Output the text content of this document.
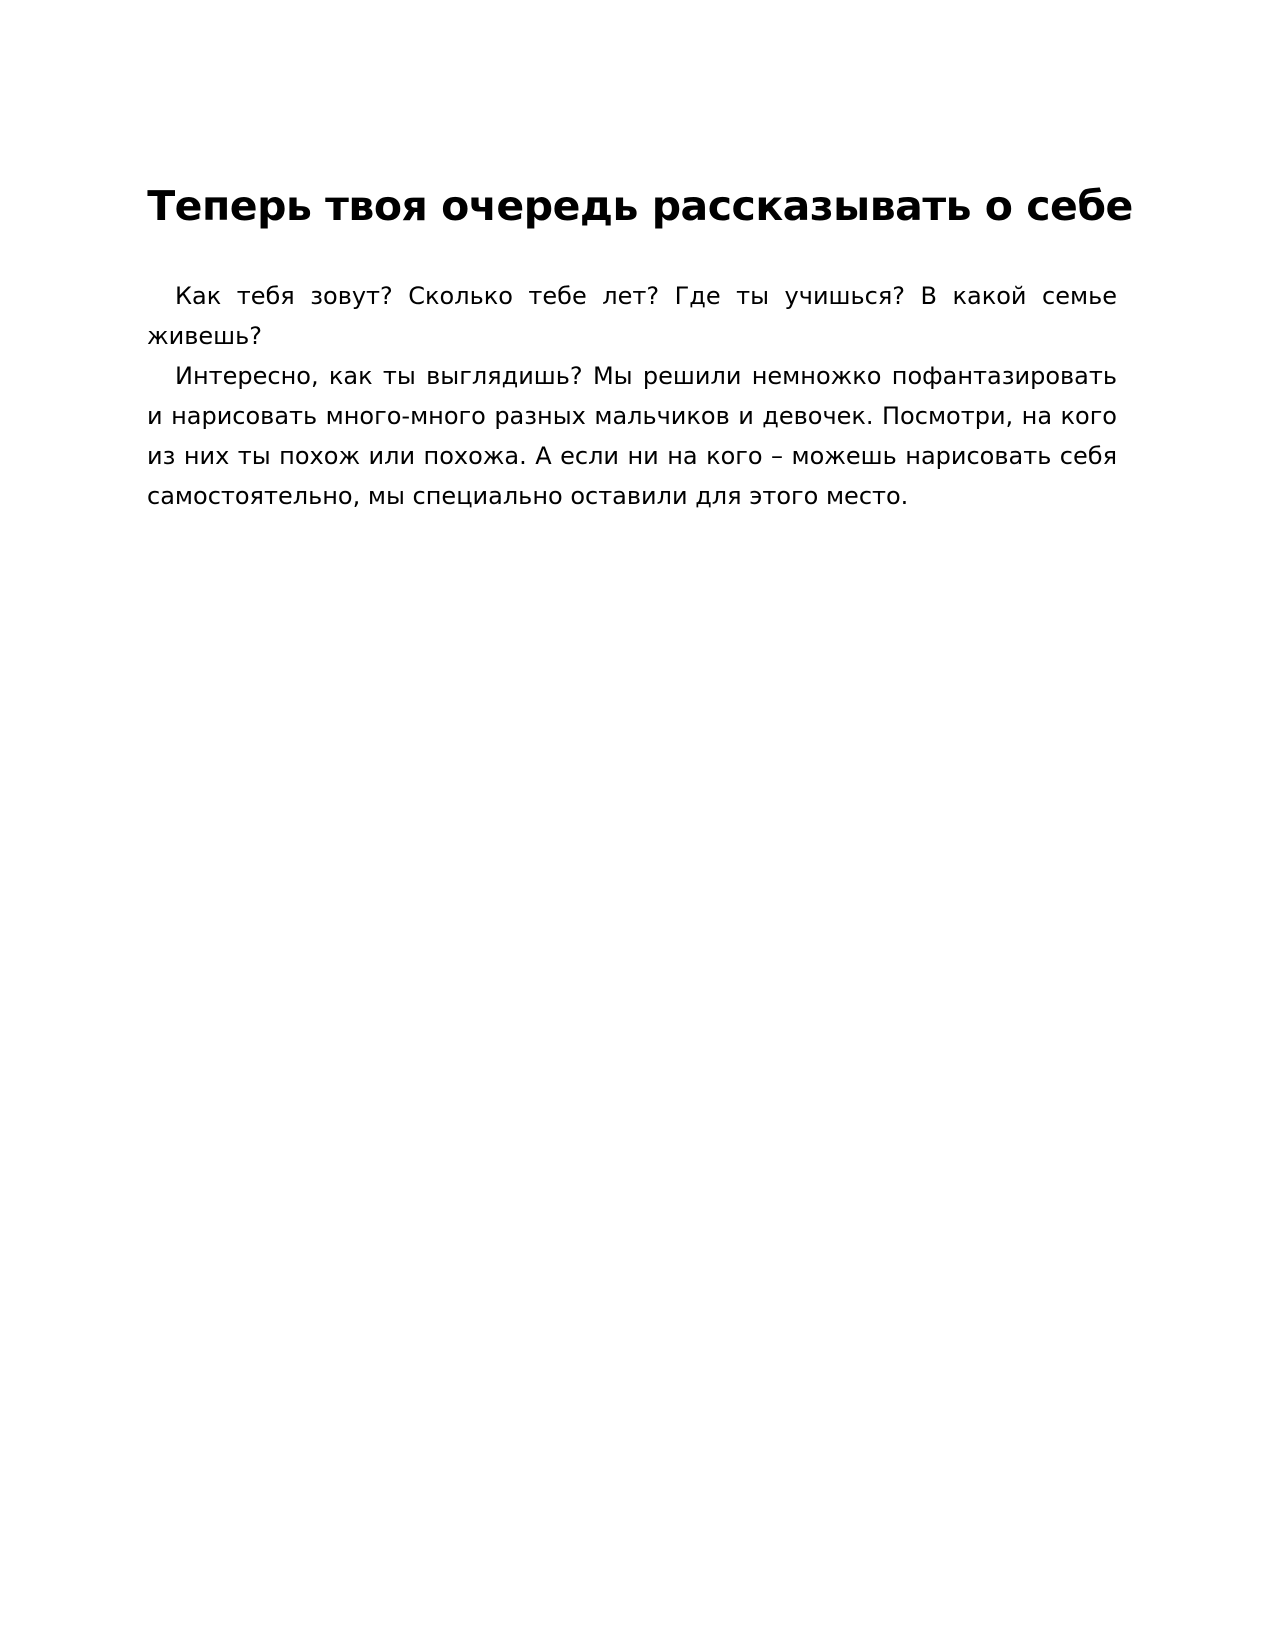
Теперь твоя очередь рассказывать о себе

Как тебя зовут? Сколько тебе лет? Где ты учишься? В какой семье живешь?

Интересно, как ты выглядишь? Мы решили немножко пофантазировать и нарисовать много-много разных мальчиков и девочек. Посмотри, на кого из них ты похож или похожа. А если ни на кого – можешь нарисовать себя самостоятельно, мы специально оставили для этого место.
